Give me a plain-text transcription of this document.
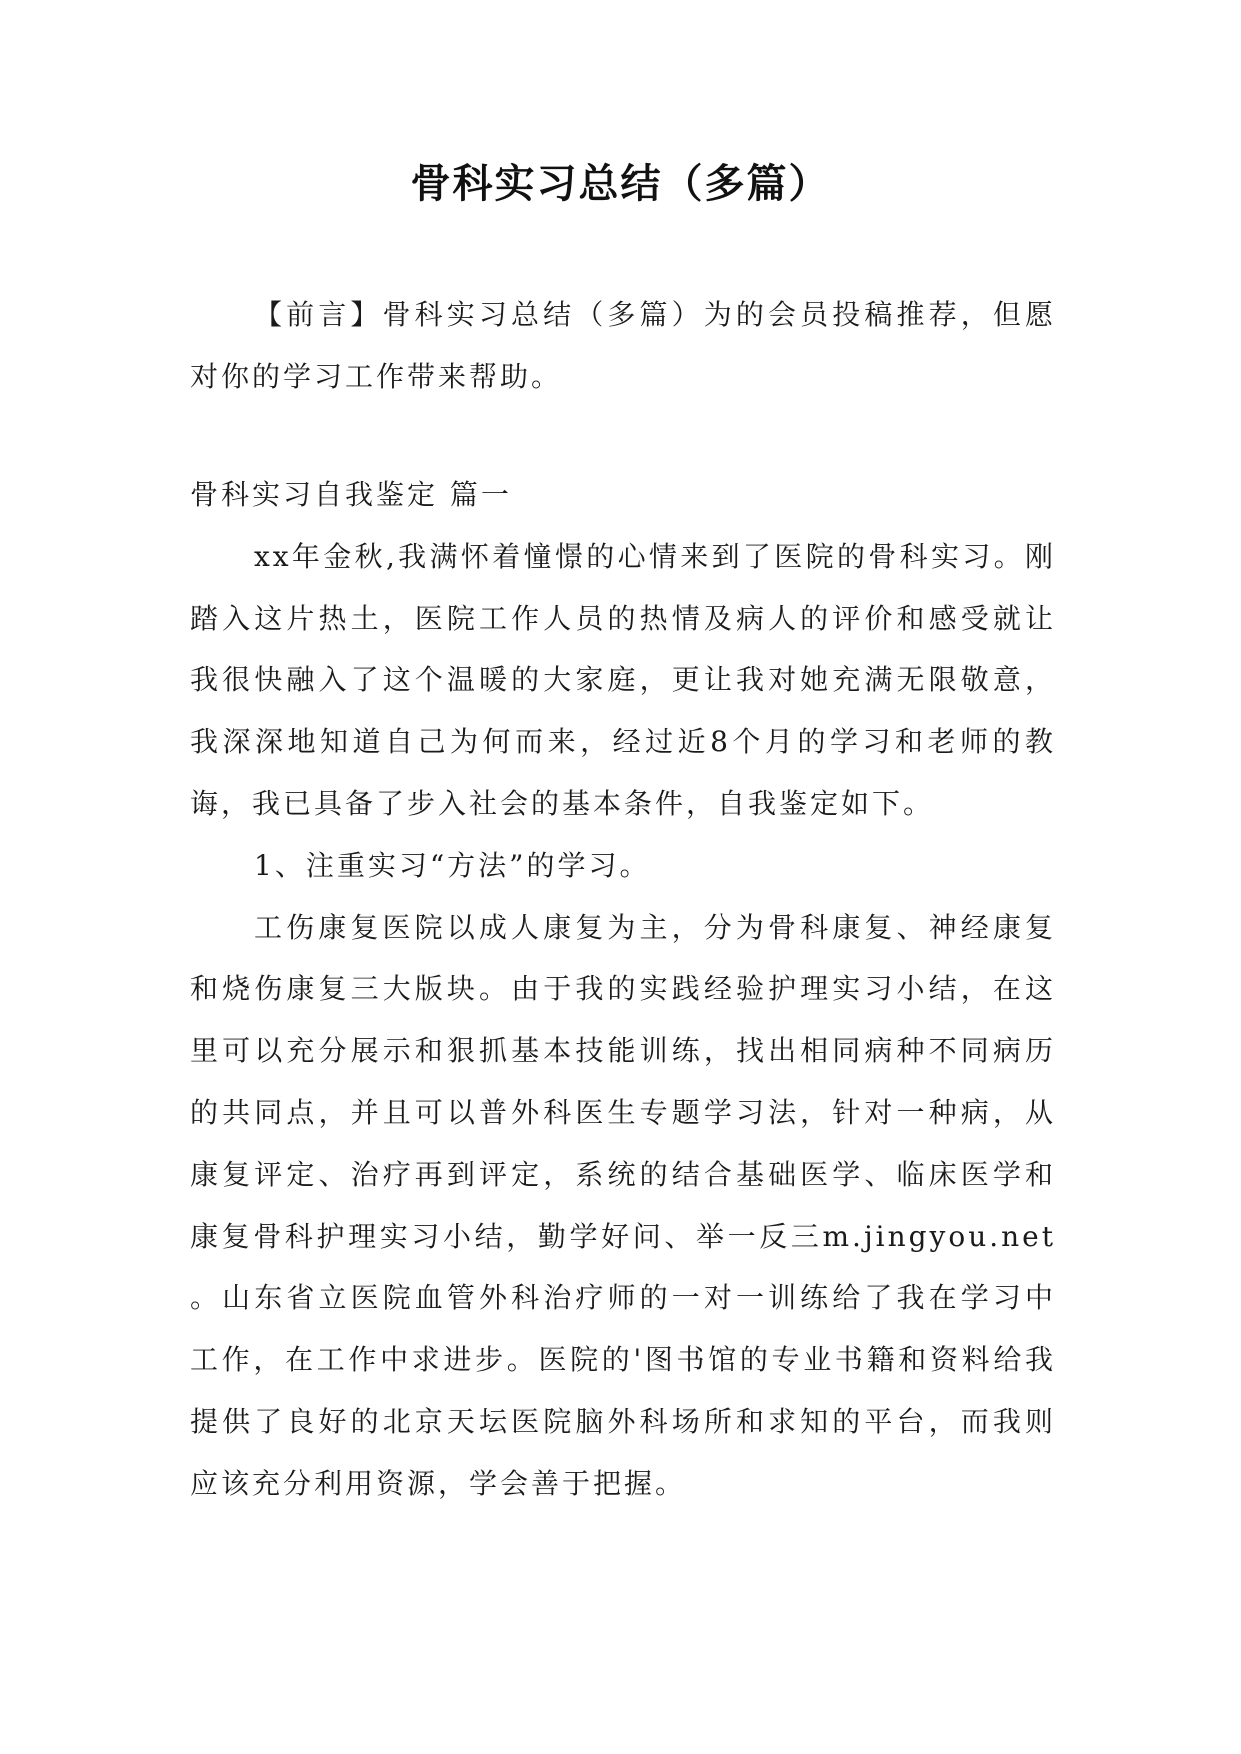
骨科实习总结（多篇）

【前言】骨科实习总结（多篇）为的会员投稿推荐，但愿对你的学习工作带来帮助。

骨科实习自我鉴定 篇一

xx年金秋,我满怀着憧憬的心情来到了医院的骨科实习。刚踏入这片热土，医院工作人员的热情及病人的评价和感受就让我很快融入了这个温暖的大家庭，更让我对她充满无限敬意，我深深地知道自己为何而来，经过近8个月的学习和老师的教诲，我已具备了步入社会的基本条件，自我鉴定如下。

1、注重实习“方法”的学习。

工伤康复医院以成人康复为主，分为骨科康复、神经康复和烧伤康复三大版块。由于我的实践经验护理实习小结，在这里可以充分展示和狠抓基本技能训练，找出相同病种不同病历的共同点，并且可以普外科医生专题学习法，针对一种病，从康复评定、治疗再到评定，系统的结合基础医学、临床医学和康复骨科护理实习小结，勤学好问、举一反三m.jingyou.net 。山东省立医院血管外科治疗师的一对一训练给了我在学习中工作，在工作中求进步。医院的'图书馆的专业书籍和资料给我提供了良好的北京天坛医院脑外科场所和求知的平台，而我则应该充分利用资源，学会善于把握。
